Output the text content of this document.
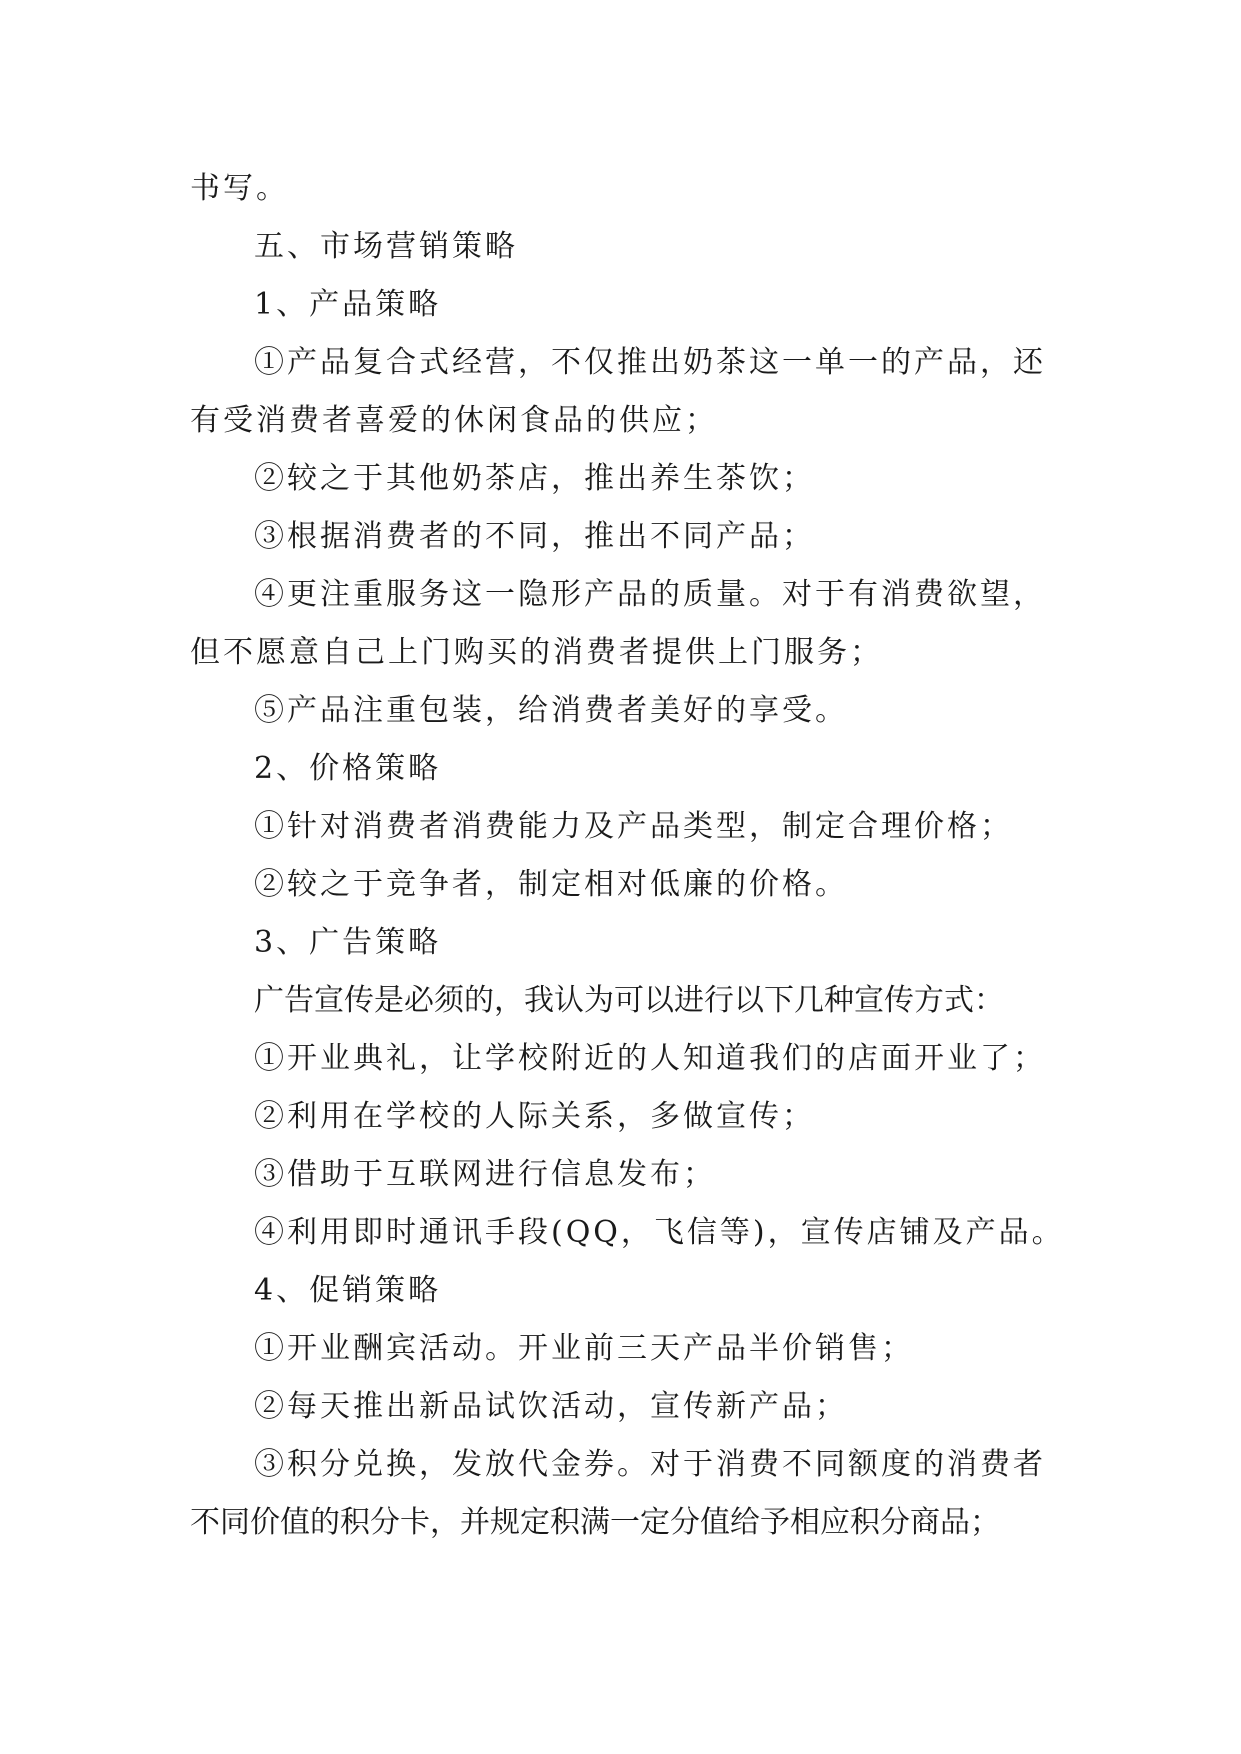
书写。
五、市场营销策略
1、产品策略
①产品复合式经营，不仅推出奶茶这一单一的产品，还
有受消费者喜爱的休闲食品的供应；
②较之于其他奶茶店，推出养生茶饮；
③根据消费者的不同，推出不同产品；
④更注重服务这一隐形产品的质量。对于有消费欲望，
但不愿意自己上门购买的消费者提供上门服务；
⑤产品注重包装，给消费者美好的享受。
2、价格策略
①针对消费者消费能力及产品类型，制定合理价格；
②较之于竞争者，制定相对低廉的价格。
3、广告策略
广告宣传是必须的，我认为可以进行以下几种宣传方式：
①开业典礼，让学校附近的人知道我们的店面开业了；
②利用在学校的人际关系，多做宣传；
③借助于互联网进行信息发布；
④利用即时通讯手段(QQ，飞信等)，宣传店铺及产品。
4、促销策略
①开业酬宾活动。开业前三天产品半价销售；
②每天推出新品试饮活动，宣传新产品；
③积分兑换，发放代金券。对于消费不同额度的消费者
不同价值的积分卡，并规定积满一定分值给予相应积分商品；
